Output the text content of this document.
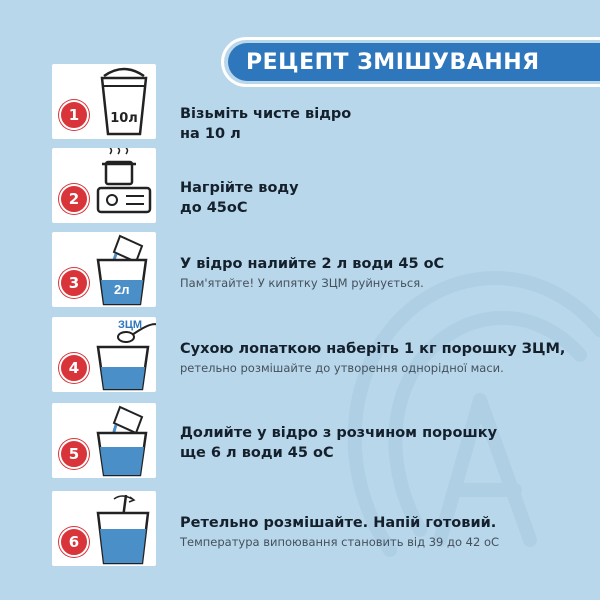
РЕЦЕПТ ЗМІШУВАННЯ
1	10л	Візьміть чисте відро

на 10 л

2

Нагрійте воду

до 45оС

3	2л

У відро налийте 2 л води 45 оС

Пам'ятайте! У кипятку ЗЦМ руйнується.

4
+1кг	ЗЦМ

Сухою лопаткою наберіть 1 кг порошку ЗЦМ,

ретельно розмішайте до утворення однорідної маси.

5
+6л

Долийте у відро з розчином порошку

ще 6 л води 45 оС

6

Ретельно розмішайте. Напій готовий.

Температура випоювання становить від 39 до 42 оС
